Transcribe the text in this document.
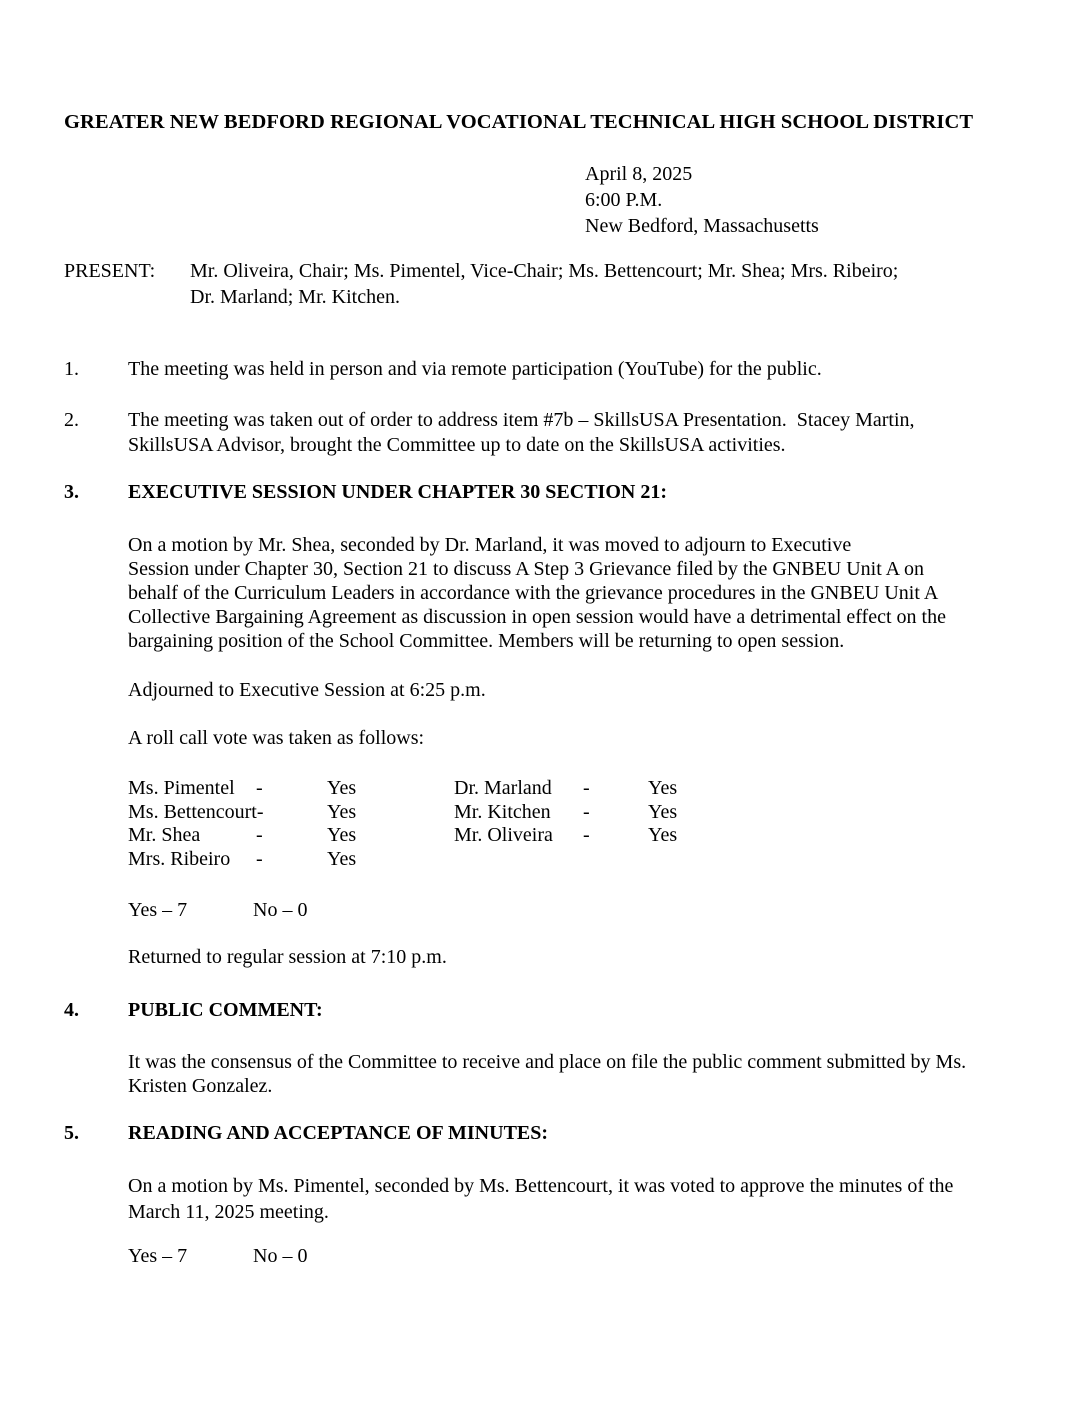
GREATER NEW BEDFORD REGIONAL VOCATIONAL TECHNICAL HIGH SCHOOL DISTRICT
April 8, 2025
6:00 P.M.
New Bedford, Massachusetts
PRESENT: Mr. Oliveira, Chair; Ms. Pimentel, Vice-Chair; Ms. Bettencourt; Mr. Shea; Mrs. Ribeiro;
Dr. Marland; Mr. Kitchen.
1. The meeting was held in person and via remote participation (YouTube) for the public.
2. The meeting was taken out of order to address item #7b – SkillsUSA Presentation.  Stacey Martin,
SkillsUSA Advisor, brought the Committee up to date on the SkillsUSA activities.
3. EXECUTIVE SESSION UNDER CHAPTER 30 SECTION 21:
On a motion by Mr. Shea, seconded by Dr. Marland, it was moved to adjourn to Executive
Session under Chapter 30, Section 21 to discuss A Step 3 Grievance filed by the GNBEU Unit A on
behalf of the Curriculum Leaders in accordance with the grievance procedures in the GNBEU Unit A
Collective Bargaining Agreement as discussion in open session would have a detrimental effect on the
bargaining position of the School Committee. Members will be returning to open session.
Adjourned to Executive Session at 6:25 p.m.
A roll call vote was taken as follows:
Ms. Pimentel -	Yes	Dr. Marland -	Yes
Ms. Bettencourt-	Yes	Mr. Kitchen -	Yes
Mr. Shea	-	Yes	Mr. Oliveira -	Yes
Mrs. Ribeiro -	Yes
Yes – 7	No – 0
Returned to regular session at 7:10 p.m.
4. PUBLIC COMMENT:
It was the consensus of the Committee to receive and place on file the public comment submitted by Ms.
Kristen Gonzalez.
5. READING AND ACCEPTANCE OF MINUTES:
On a motion by Ms. Pimentel, seconded by Ms. Bettencourt, it was voted to approve the minutes of the
March 11, 2025 meeting.
Yes – 7	No – 0
